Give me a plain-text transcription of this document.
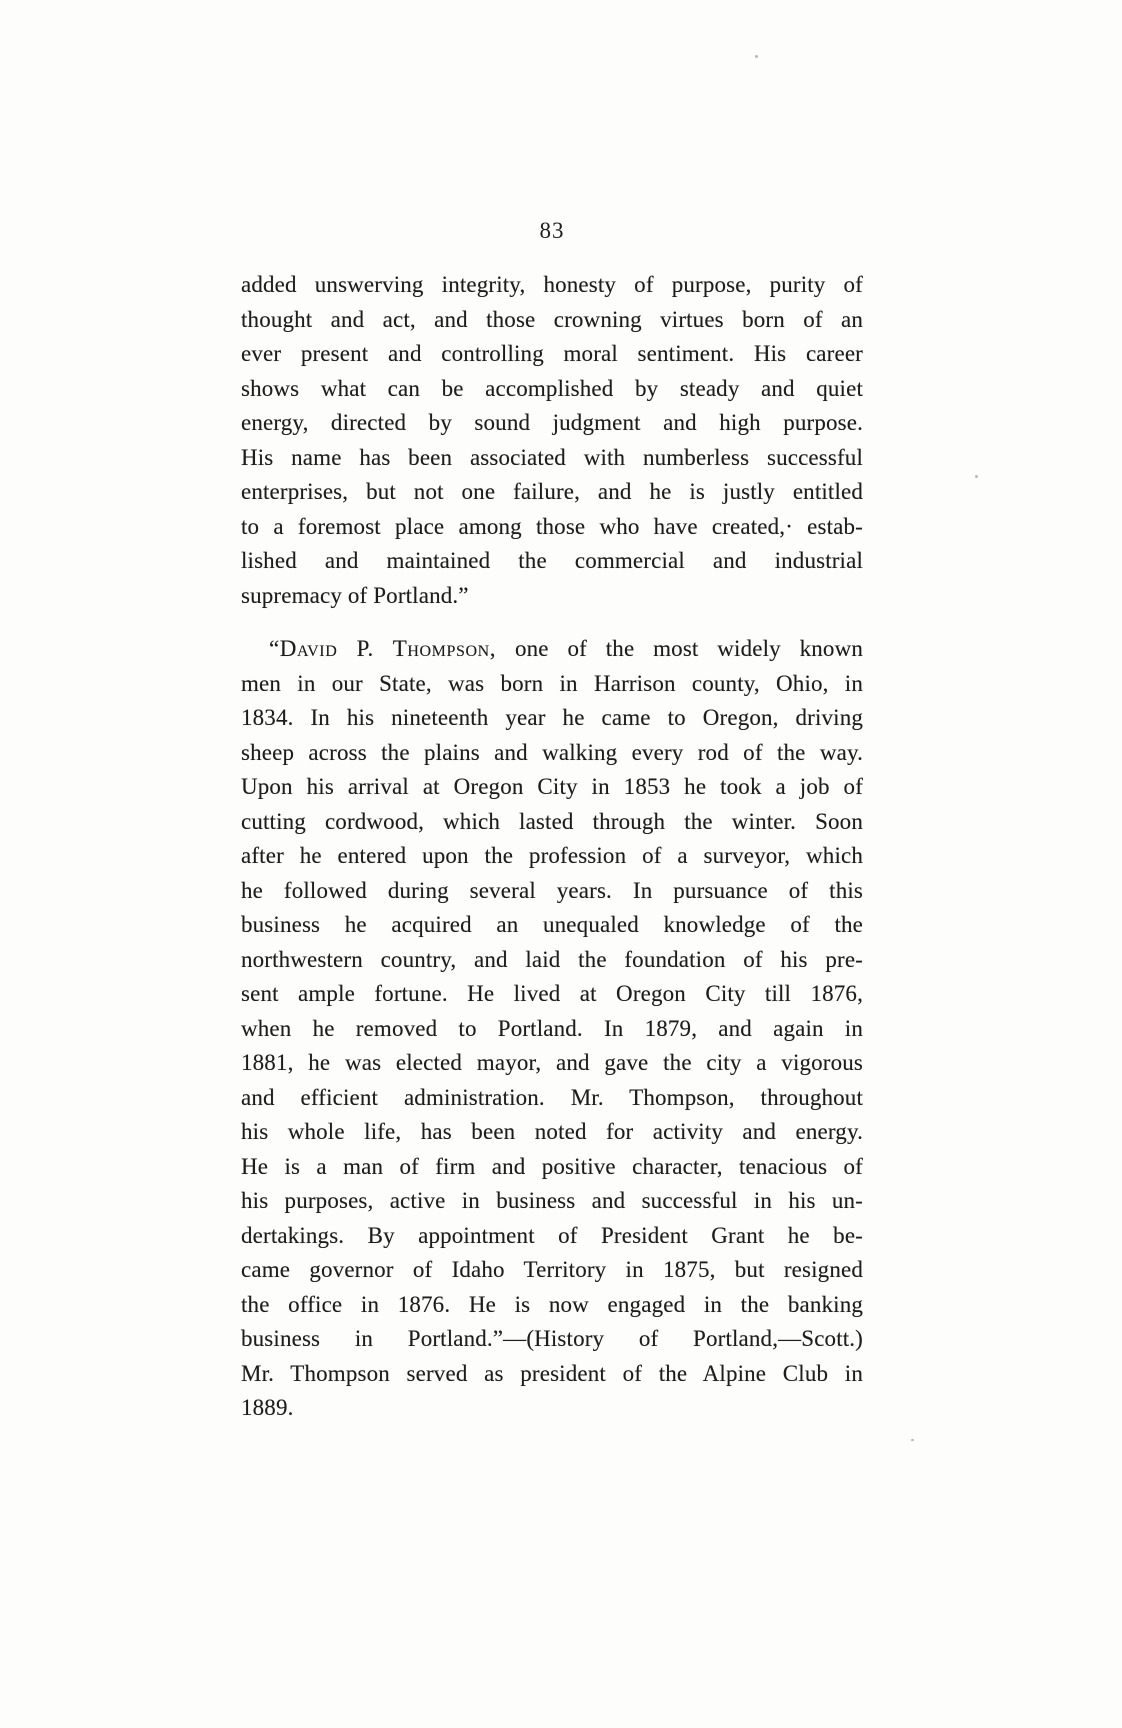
83
added unswerving integrity, honesty of purpose, purity of
thought and act, and those crowning virtues born of an
ever present and controlling moral sentiment. His career
shows what can be accomplished by steady and quiet
energy, directed by sound judgment and high purpose.
His name has been associated with numberless successful
enterprises, but not one failure, and he is justly entitled
to a foremost place among those who have created,· estab-
lished and maintained the commercial and industrial
supremacy of Portland.”
“David P. Thompson, one of the most widely known
men in our State, was born in Harrison county, Ohio, in
1834. In his nineteenth year he came to Oregon, driving
sheep across the plains and walking every rod of the way.
Upon his arrival at Oregon City in 1853 he took a job of
cutting cordwood, which lasted through the winter. Soon
after he entered upon the profession of a surveyor, which
he followed during several years. In pursuance of this
business he acquired an unequaled knowledge of the
northwestern country, and laid the foundation of his pre-
sent ample fortune. He lived at Oregon City till 1876,
when he removed to Portland. In 1879, and again in
1881, he was elected mayor, and gave the city a vigorous
and efficient administration. Mr. Thompson, throughout
his whole life, has been noted for activity and energy.
He is a man of firm and positive character, tenacious of
his purposes, active in business and successful in his un-
dertakings. By appointment of President Grant he be-
came governor of Idaho Territory in 1875, but resigned
the office in 1876. He is now engaged in the banking
business in Portland.”—(History of Portland,—Scott.)
Mr. Thompson served as president of the Alpine Club in
1889.
